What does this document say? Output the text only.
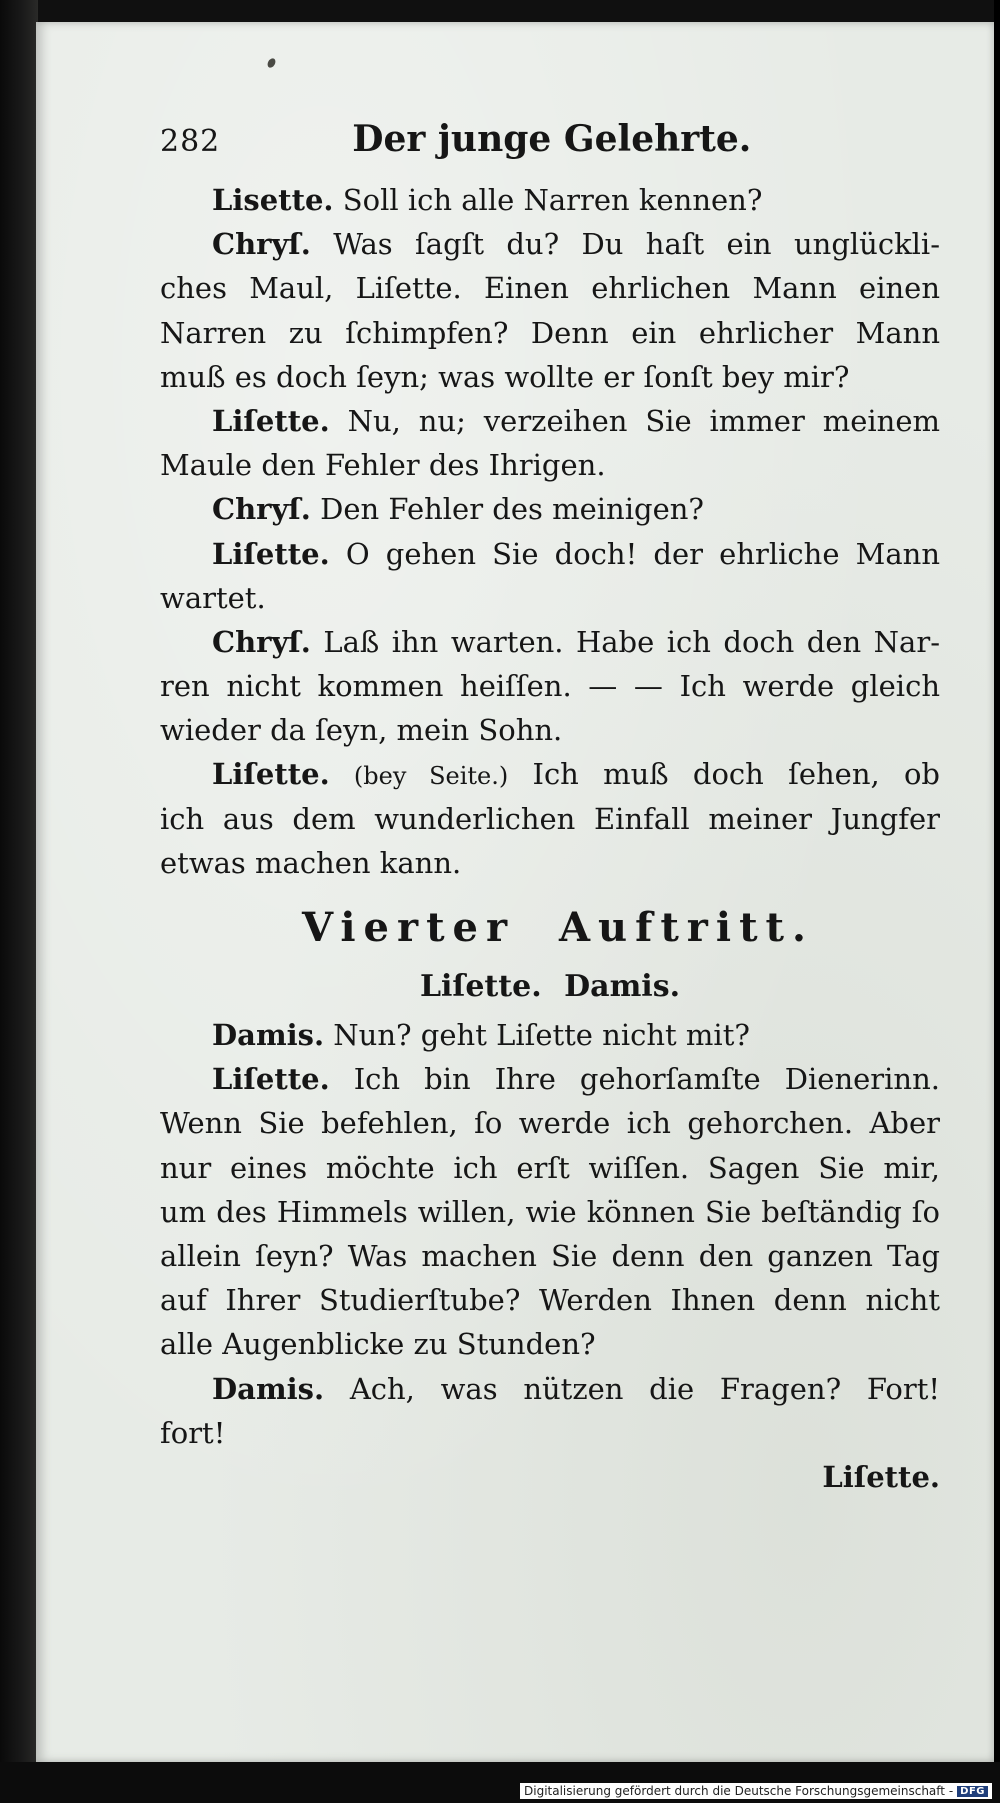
282	Der junge Gelehrte.
Lisette. Soll ich alle Narren kennen?
Chryſ. Was ſagſt du? Du haſt ein unglückli-
ches Maul, Liſette. Einen ehrlichen Mann einen
Narren zu ſchimpfen? Denn ein ehrlicher Mann
muß es doch ſeyn; was wollte er ſonſt bey mir?
Liſette. Nu, nu; verzeihen Sie immer meinem
Maule den Fehler des Ihrigen.
Chryſ. Den Fehler des meinigen?
Liſette. O gehen Sie doch! der ehrliche Mann
wartet.
Chryſ. Laß ihn warten. Habe ich doch den Nar-
ren nicht kommen heiſſen. — — Ich werde gleich
wieder da ſeyn, mein Sohn.
Liſette. (bey Seite.) Ich muß doch ſehen, ob
ich aus dem wunderlichen Einfall meiner Jungfer
etwas machen kann.
Vierter Auftritt.
Liſette. Damis.
Damis. Nun? geht Liſette nicht mit?
Liſette. Ich bin Ihre gehorſamſte Dienerinn.
Wenn Sie befehlen, ſo werde ich gehorchen. Aber
nur eines möchte ich erſt wiſſen. Sagen Sie mir,
um des Himmels willen, wie können Sie beſtändig ſo
allein ſeyn? Was machen Sie denn den ganzen Tag
auf Ihrer Studierſtube? Werden Ihnen denn nicht
alle Augenblicke zu Stunden?
Damis. Ach, was nützen die Fragen? Fort!
fort!
Liſette.
Digitalisierung gefördert durch die Deutsche Forschungsgemeinschaft - DFG
